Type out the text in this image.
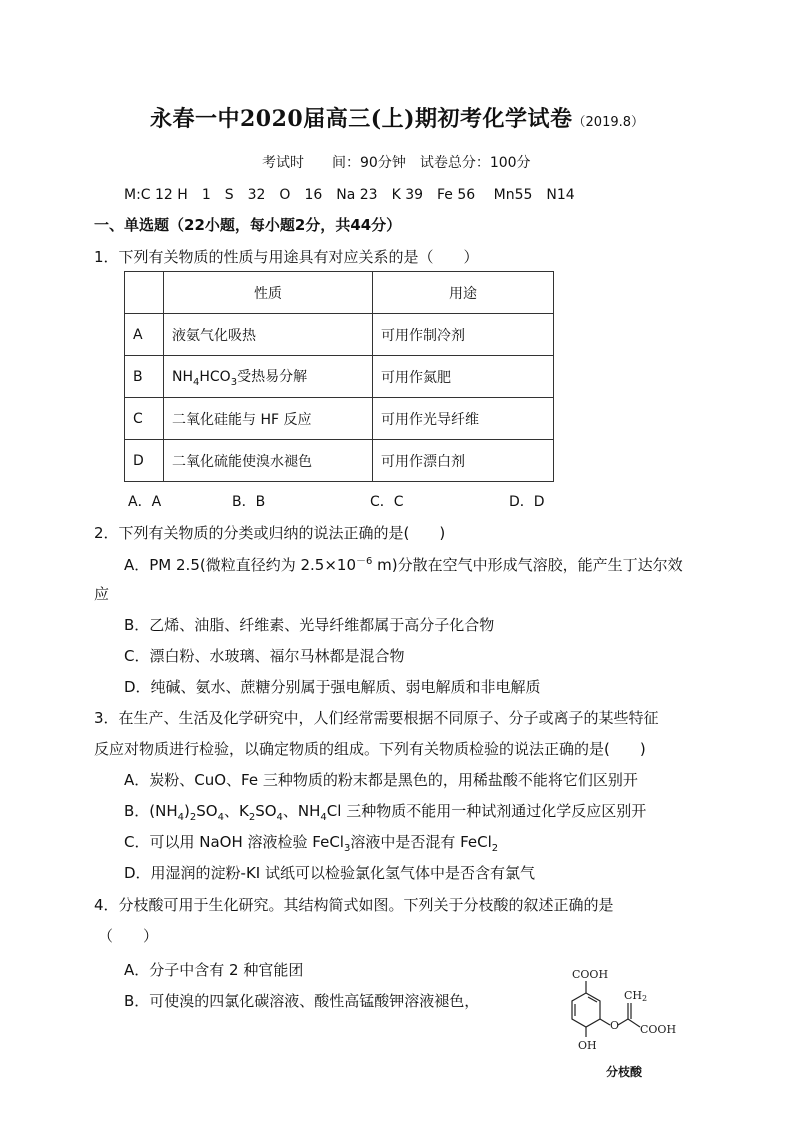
永春一中2020届高三(上)期初考化学试卷（2019.8）
考试时　　间：90分钟　试卷总分：100分
M:C 12 H　1　S　32　O　16　Na 23　K 39　Fe 56　 Mn55　N14
一、单选题（22小题，每小题2分，共44分）
1．下列有关物质的性质与用途具有对应关系的是（　　）
	性质	用途
A	液氨气化吸热	可用作制冷剂
B	$NH_4HCO_3$受热易分解	可用作氮肥
C	二氧化硅能与 HF 反应	可用作光导纤维
D	二氧化硫能使溴水褪色	可用作漂白剂
A．A	B．B	C．C	D．D
2．下列有关物质的分类或归纳的说法正确的是(　　)
A．PM 2.5(微粒直径约为 $2.5\times 10^{-6}$ m)分散在空气中形成气溶胶，能产生丁达尔效
应
B．乙烯、油脂、纤维素、光导纤维都属于高分子化合物
C．漂白粉、水玻璃、福尔马林都是混合物
D．纯碱、氨水、蔗糖分别属于强电解质、弱电解质和非电解质
3．在生产、生活及化学研究中，人们经常需要根据不同原子、分子或离子的某些特征
反应对物质进行检验，以确定物质的组成。下列有关物质检验的说法正确的是(　　)
A．炭粉、CuO、Fe 三种物质的粉末都是黑色的，用稀盐酸不能将它们区别开
B．$(NH_4)_2SO_4$、$K_2SO_4$、$NH_4Cl$ 三种物质不能用一种试剂通过化学反应区别开
C．可以用 NaOH 溶液检验 FeCl$_3$溶液中是否混有 FeCl$_2$
D．用湿润的淀粉-KI 试纸可以检验氯化氢气体中是否含有氯气
4．分枝酸可用于生化研究。其结构简式如图。下列关于分枝酸的叙述正确的是
（　　）
A．分子中含有 2 种官能团
B．可使溴的四氯化碳溶液、酸性高锰酸钾溶液褪色，
COOH
CH2
O COOH
OH
分枝酸
